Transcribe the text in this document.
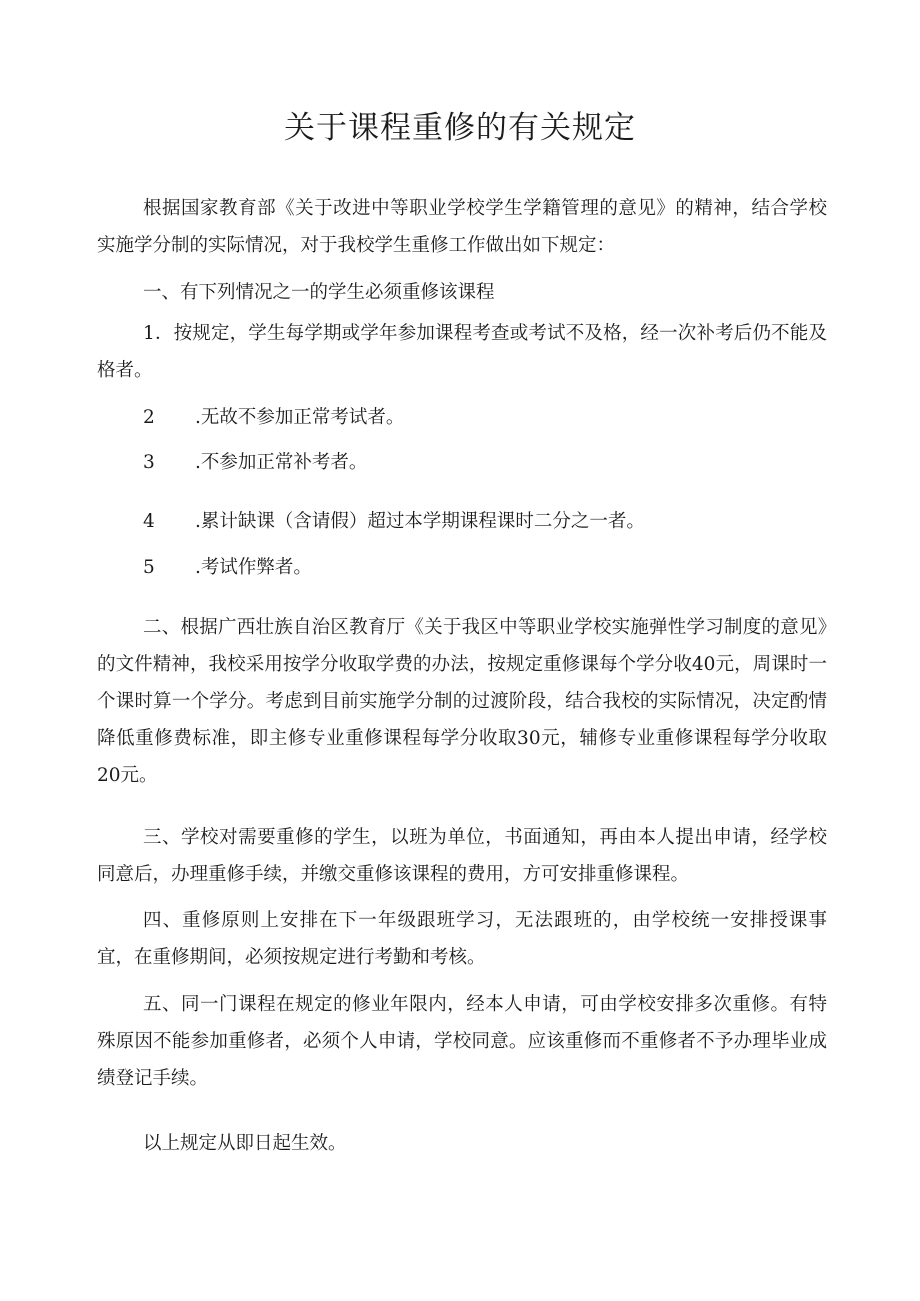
关于课程重修的有关规定

根据国家教育部《关于改进中等职业学校学生学籍管理的意见》的精神，结合学校实施学分制的实际情况，对于我校学生重修工作做出如下规定：

一、有下列情况之一的学生必须重修该课程

1．按规定，学生每学期或学年参加课程考查或考试不及格，经一次补考后仍不能及格者。

2 .无故不参加正常考试者。

3 .不参加正常补考者。

4 .累计缺课（含请假）超过本学期课程课时二分之一者。

5 .考试作弊者。

二、根据广西壮族自治区教育厅《关于我区中等职业学校实施弹性学习制度的意见》的文件精神，我校采用按学分收取学费的办法，按规定重修课每个学分收40元，周课时一个课时算一个学分。考虑到目前实施学分制的过渡阶段，结合我校的实际情况，决定酌情降低重修费标准，即主修专业重修课程每学分收取30元，辅修专业重修课程每学分收取20元。

三、学校对需要重修的学生，以班为单位，书面通知，再由本人提出申请，经学校同意后，办理重修手续，并缴交重修该课程的费用，方可安排重修课程。

四、重修原则上安排在下一年级跟班学习，无法跟班的，由学校统一安排授课事宜，在重修期间，必须按规定进行考勤和考核。

五、同一门课程在规定的修业年限内，经本人申请，可由学校安排多次重修。有特殊原因不能参加重修者，必须个人申请，学校同意。应该重修而不重修者不予办理毕业成绩登记手续。

以上规定从即日起生效。
